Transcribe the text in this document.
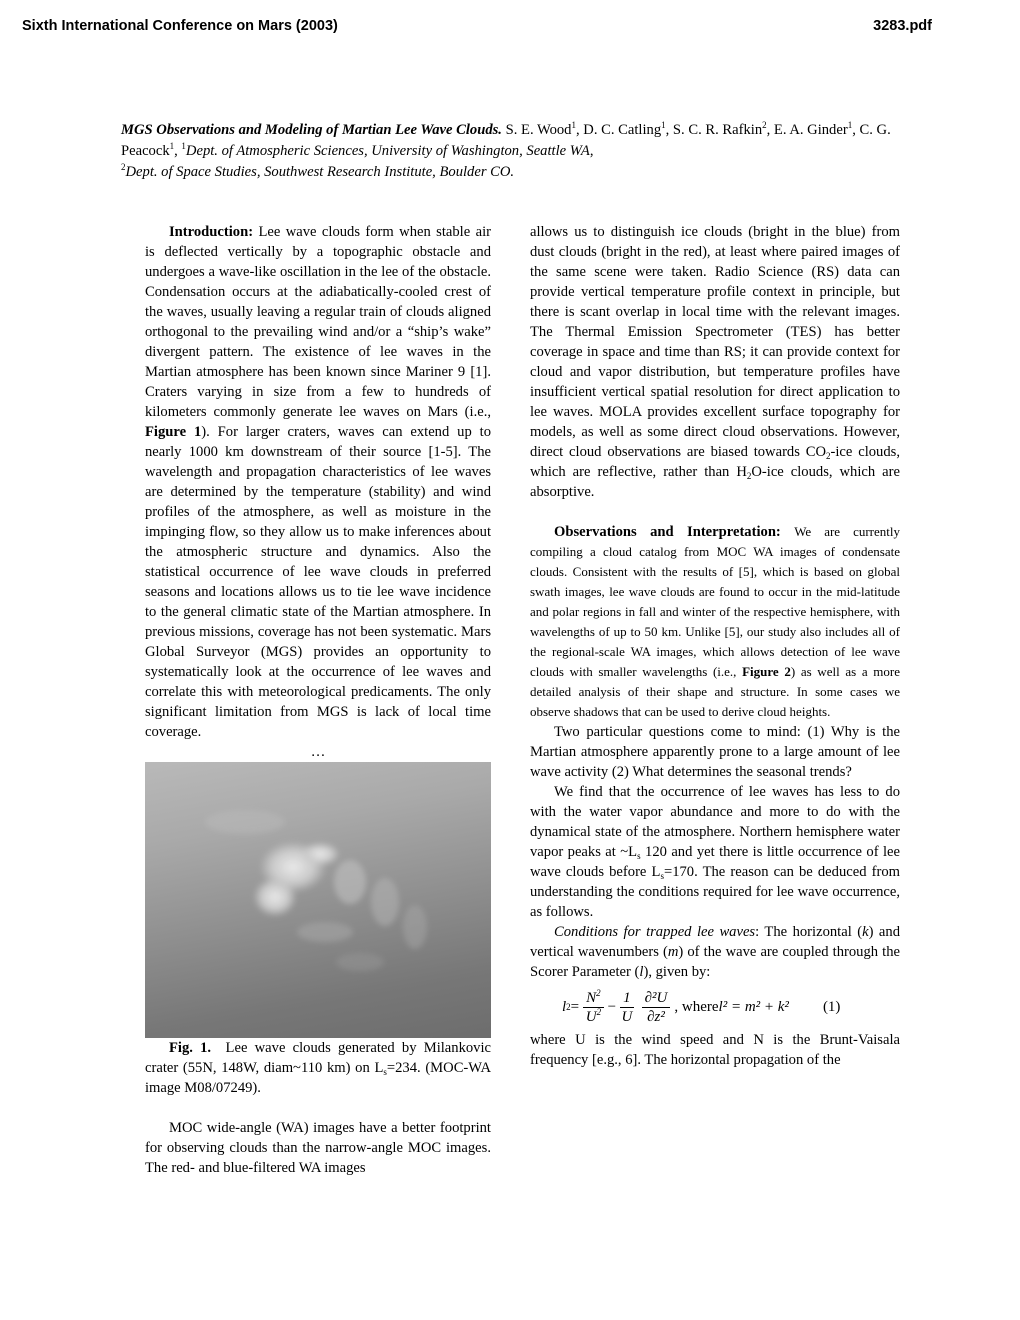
Sixth International Conference on Mars (2003)	3283.pdf
MGS Observations and Modeling of Martian Lee Wave Clouds. S. E. Wood$^1$, D. C. Catling$^1$, S. C. R. Rafkin$^2$, E. A. Ginder$^1$, C. G. Peacock$^1$, $^1$Dept. of Atmospheric Sciences, University of Washington, Seattle WA,
$^2$Dept. of Space Studies, Southwest Research Institute, Boulder CO.

Introduction: Lee wave clouds form when stable air is deflected vertically by a topographic obstacle and undergoes a wave-like oscillation in the lee of the obstacle. Condensation occurs at the adiabatically-cooled crest of the waves, usually leaving a regular train of clouds aligned orthogonal to the prevailing wind and/or a “ship’s wake” divergent pattern. The existence of lee waves in the Martian atmosphere has been known since Mariner 9 [1]. Craters varying in size from a few to hundreds of kilometers commonly generate lee waves on Mars (i.e., Figure 1). For larger craters, waves can extend up to nearly 1000 km downstream of their source [1-5]. The wavelength and propagation characteristics of lee waves are determined by the temperature (stability) and wind profiles of the atmosphere, as well as moisture in the impinging flow, so they allow us to make inferences about the atmospheric structure and dynamics. Also the statistical occurrence of lee wave clouds in preferred seasons and locations allows us to tie lee wave incidence to the general climatic state of the Martian atmosphere. In previous missions, coverage has not been systematic. Mars Global Surveyor (MGS) provides an opportunity to systematically look at the occurrence of lee waves and correlate this with meteorological predicaments. The only significant limitation from MGS is lack of local time coverage.

…

Fig. 1. Lee wave clouds generated by Milankovic crater (55N, 148W, diam~110 km) on $L_s=234$. (MOC-WA image M08/07249).

MOC wide-angle (WA) images have a better footprint for observing clouds than the narrow-angle MOC images. The red- and blue-filtered WA images

allows us to distinguish ice clouds (bright in the blue) from dust clouds (bright in the red), at least where paired images of the same scene were taken. Radio Science (RS) data can provide vertical temperature profile context in principle, but there is scant overlap in local time with the relevant images. The Thermal Emission Spectrometer (TES) has better coverage in space and time than RS; it can provide context for cloud and vapor distribution, but temperature profiles have insufficient vertical spatial resolution for direct application to lee waves. MOLA provides excellent surface topography for models, as well as some direct cloud observations. However, direct cloud observations are biased towards $CO_2$-ice clouds, which are reflective, rather than $H_2O$-ice clouds, which are absorptive.

Observations and Interpretation: We are currently compiling a cloud catalog from MOC WA images of condensate clouds. Consistent with the results of [5], which is based on global swath images, lee wave clouds are found to occur in the mid-latitude and polar regions in fall and winter of the respective hemisphere, with wavelengths of up to 50 km. Unlike [5], our study also includes all of the regional-scale WA images, which allows detection of lee wave clouds with smaller wavelengths (i.e., Figure 2) as well as a more detailed analysis of their shape and structure. In some cases we observe shadows that can be used to derive cloud heights.

Two particular questions come to mind: (1) Why is the Martian atmosphere apparently prone to a large amount of lee wave activity (2) What determines the seasonal trends?

We find that the occurrence of lee waves has less to do with the water vapor abundance and more to do with the dynamical state of the atmosphere. Northern hemisphere water vapor peaks at $\sim L_s$ 120 and yet there is little occurrence of lee wave clouds before $L_s=170$. The reason can be deduced from understanding the conditions required for lee wave occurrence, as follows.

Conditions for trapped lee waves: The horizontal (k) and vertical wavenumbers (m) of the wave are coupled through the Scorer Parameter (l), given by:

l $2 = \frac{N^2}{U^2} - \frac{1}{U} \frac{\text{∂²U}}{\text{∂z²}}$ , where l² = m² + k² (1)

where U is the wind speed and N is the Brunt-Vaisala frequency [e.g., 6]. The horizontal propagation of the
